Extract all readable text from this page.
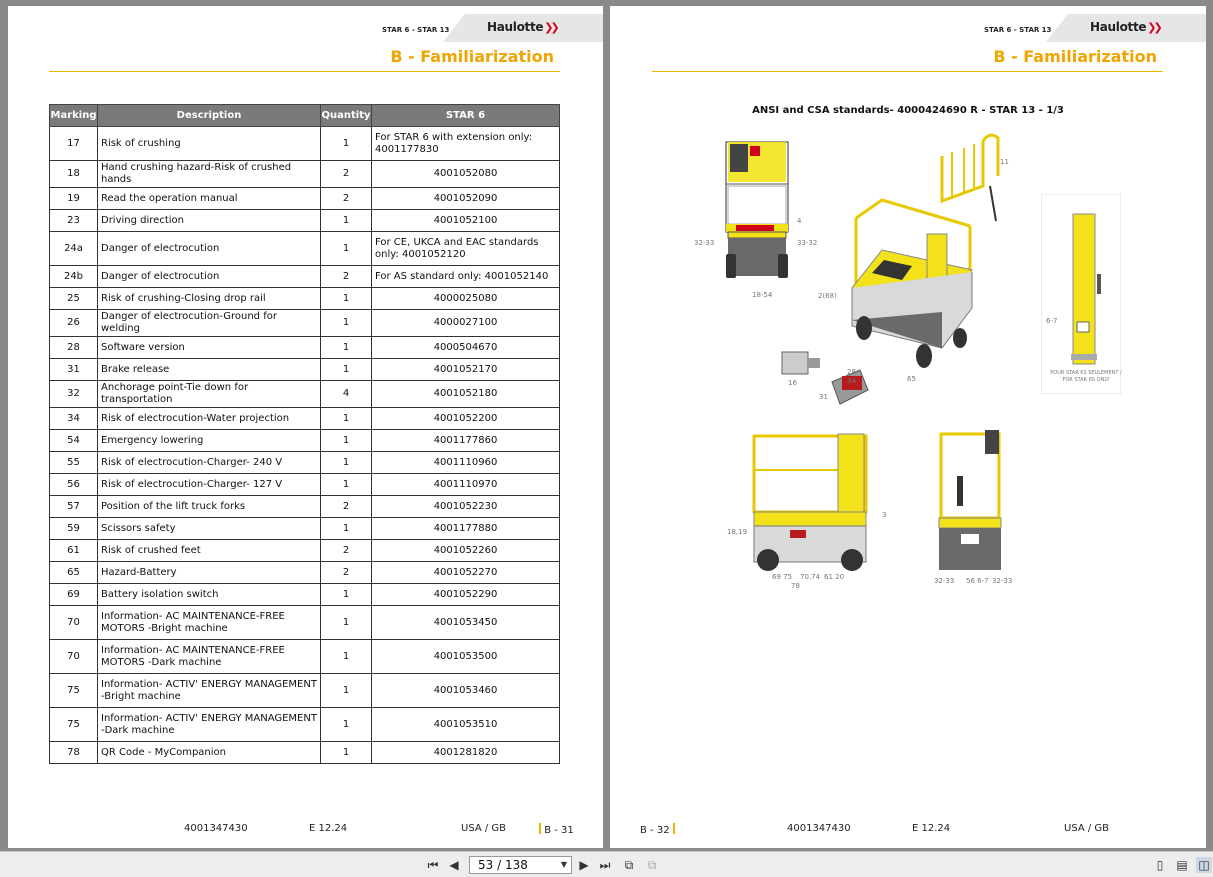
STAR 6 - STAR 13	Haulotte❯❯
B - Familiarization
Marking	Description	Quantity	STAR 6
17	Risk of crushing	1	For STAR 6 with extension only: 4001177830
18	Hand crushing hazard-Risk of crushed hands	2	4001052080
19	Read the operation manual	2	4001052090
23	Driving direction	1	4001052100
24a	Danger of electrocution	1	For CE, UKCA and EAC standards only: 4001052120
24b	Danger of electrocution	2	For AS standard only: 4001052140
25	Risk of crushing-Closing drop rail	1	4000025080
26	Danger of electrocution-Ground for welding	1	4000027100
28	Software version	1	4000504670
31	Brake release	1	4001052170
32	Anchorage point-Tie down for transportation	4	4001052180
34	Risk of electrocution-Water projection	1	4001052200
54	Emergency lowering	1	4001177860
55	Risk of electrocution-Charger- 240 V	1	4001110960
56	Risk of electrocution-Charger- 127 V	1	4001110970
57	Position of the lift truck forks	2	4001052230
59	Scissors safety	1	4001177880
61	Risk of crushed feet	2	4001052260
65	Hazard-Battery	2	4001052270
69	Battery isolation switch	1	4001052290
70	Information- AC MAINTENANCE-FREE MOTORS -Bright machine	1	4001053450
70	Information- AC MAINTENANCE-FREE MOTORS -Dark machine	1	4001053500
75	Information- ACTIV' ENERGY MANAGEMENT -Bright machine	1	4001053460
75	Information- ACTIV' ENERGY MANAGEMENT -Dark machine	1	4001053510
78	QR Code - MyCompanion	1	4001281820
4001347430	E 12.24	USA / GB	B - 31
STAR 6 - STAR 13	Haulotte❯❯
B - Familiarization
ANSI and CSA standards- 4000424690 R - STAR 13 - 1/3
4
32-33	33-32
18-54	2(68)
11
65
6-7
POUR STAR 6S SEULEMENT / FOR STAR 6S ONLY
28
34
16
31
3
18,19
69 75 70,74 61 20
78
32-33 56 6-7 32-33
B - 32	4001347430	E 12.24	USA / GB
⏮ ◀	53 / 138	▼ ▶ ⏭	⧉	⧉	▯	▤ ◫
